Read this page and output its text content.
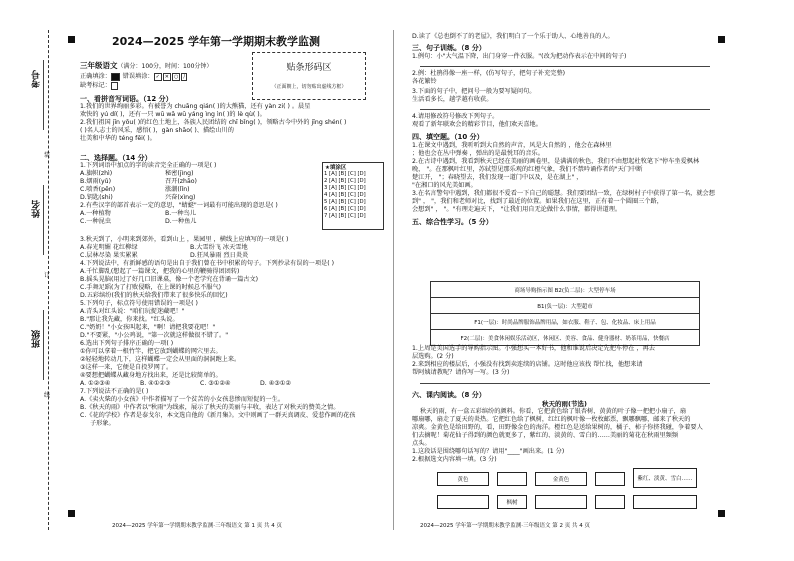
考号
姓名
班级
装
订
线
2024—2025 学年第一学期期末教学监测
三年级语文（满分：100分，时间：100分钟）
正确填涂： ■ 错误填涂： ✓ ✕ ○ /
缺考标记：
贴条形码区
（正面朝上，切勿贴出虚线方框）
一、看拼音写词语。（12 分）
1.我们的世界绚丽多彩。有被誉为 chuāng qián( )的大熊猫，还有 yàn zi( ) 。晨星
欢快的 yú dí( )，还有一只 wū wā wū yáng ìng ìn( )的 lè qù( )。
2.我们祖国 jīn yōu( )的红色土地上，各族人民团结的 chī bǐng( )，领略古今中外的 jīng shén( )
( )名人志士的风采，感悟( )，gàn shāo( )、描绘山川的
壮美和中华的 téng fēi( )。
二、选择题。（14 分）
★填涂区
1 [A] [B] [C] [D]
2 [A] [B] [C] [D]
3 [A] [B] [C] [D]
4 [A] [B] [C] [D]
5 [A] [B] [C] [D]
6 [A] [B] [C] [D]
7 [A] [B] [C] [D]
1.下列词语中加点的字的读音完全正确的一项是( )
A.旗帜(zhì)	秘密(jìng)
B.烟雨(yǔ)	召开(zhāo)
C.喷香(pēn)	涨潮(lǐn)
D.钥匙(shi)	兴奋(xìng)
2.有些汉字的部首表示一定的意思，"蜻蜓"一词最有可能出现的意思是( )
A.一种植物	B.一种鸟儿
C.一种昆虫	D.一种鱼儿
3.秋天到了，小明来到郊外，看到山上 ，果园里 ，横线上应填写的一项是( )
A.春光明媚 花红柳绿	B.大雪纷飞 冰天雪地
C.层林尽染 果实累累	D.狂风暴雨 烈日炎炎
4.下列说法中，有新鲜感的语句是出自于我们曾在书中积累的句子。下列抄录有误的一项是( )
A.千忙脚乱(想起了一篇课文，把我的心里的鞭骑得团团转)
B.摇头晃脑(用过了好几口旧课桌，像一个老学究在背诵一篇古文)
C.手舞足蹈(为了打败侵略，在上课的时候总不服气)
D.五彩缤纷(我们的秋天给我们带来了很多快乐的回忆)
5.下列句子，标点符号使用错误的一项是( )
A.青头对红头说："咱们玩捉迷藏吧！"
B."那让我先藏，你来找。"红头说。
C."奶奶！"小女孩叫起来，"啊！请把我要花吧！"
D."不要紧，"小公鸡说，"第一次就这样做很不错了。"
6.选出下列句子排序正确的一项( )
①你可以拿着一根竹竿，把它放到蝴蝶的网穴里去。
②轻轻地转动几下，这样蝴蝶一定会从里面的洞洞跑上来。
③这样一来，它便是自投罗网了。
④要想把蝴蝶从藏身地方找出来，还是比较简单的。
A. ①②③④	B. ④①②③	C. ③①②④	D. ④③①②
7.下列说法不正确的是( )
A.《卖火柴的小女孩》中作者描写了一个贫苦的小女孩悲惨而短促的一生。
B.《秋天的雨》中作者以"秋雨"为线索，展示了秋天的美丽与丰收，表达了对秋天的赞美之情。
C.《花的学校》作者是泰戈尔，本文选自他的《新月集》。文中则画了一群天真调皮、爱惹作画的花孩
子形象。
2024—2025 学年第一学期期末教学监测·三年级语文 第 1 页 共 4 页
D.读了《总也倒不了的老屋》，我们明白了一个乐于助人、心地善良的人。
三、句子训练。（8 分）
1.例句：小"大气温下降，出门身穿一件衣服。"(改为把动作表示在中间的句子)
2.例：杜鹃得像一座一样，(仿写句子，把句子补充完整)
各花繁铃
3.下面的句子中，把问号一般为要写疑问句。
生活看多长，越学越有收获。
4.请用修改符号修改下列句子。
观看了新年联欢会的精彩节目，他们欢天喜地。
四、填空题。（10 分）
1.在课文中遇到，我听听到大自然的声音，风是大自然的 ，他会在森林里
；他也会在丛中弹奏 ，弹出的是最悦耳的音乐。
2.在古诗中遇到，我看到秋天已经在美丽的画卷里，是满满的秋色，我们不由想起杜牧笔下"停车坐爱枫林
晚， "。在那枫叶红里，苏轼望见那乐观的红橙气象，我们不禁吟诵作者的"天门中断
楚江开， "；春晓望去，我们发现一道门中以及，是在湖上" ，
"在湘口的风光美如画。
3.在名言警句中遇到，我们都很不爱看一下自己的聪慧。我们要团结一致，在绿树村子中获得了第一名，就会想
到" ， "，我们和老师对比，找到了最近的位置。如果我们在这里，正有着一个圆圈三个路，
会想到" ， "。"有理走遍天下， "让我们用自无论做什么事情，都得讲道理。
五、综合性学习。（5 分）
商场导购指示图 B2(负二层)：大型停车场
B1(负一层)：大型超市
F1(一层)：时尚品牌服饰品牌用品，如衣服、鞋子、包、化妆品、床上用品
F2(二层)：美食休闲娱乐活动区，休闲区、美容、食品、健身器材、奶茶用品，快餐店
1.上周是美国选手的导购指示图。小强想买一本好书，他和谁说后决定先把车停在 ，再去
层选购。(2 分)
2.来到相应的楼层后，小强没有找到卖连续的店铺。这时他应该找 帮忙找，他想来请
帮阿姨请教呢？请你写一写。(3 分)
六、课内阅读。（8 分）
秋天的雨(节选)
秋天的雨，有一盒五彩缤纷的颜料。你看，它把黄色给了银杏树，黄黄的叶子像一把把小扇子，扇
哪扇哪，扇走了夏天的炎热。它把红色给了枫树，红红的枫叶像一枚枚邮票，飘哪飘哪，邮来了秋天的
凉爽。金黄色是给田野的，看，田野像金色的海洋。橙红色是送给果树的，橘子、柿子你挤我碰，争着要人
们去摘呢！菊花仙子得到的颜色就更多了，紫红的、淡黄的、雪白的……美丽的菊花在秋雨里频频
点头。
1.这段话是围绕哪句话写的？请用"____"画出来。(1 分)
2.根据选文内容填一填。(3 分)
黄色	金黄色	紫红、淡黄、雪白……
枫树
2024—2025 学年第一学期期末教学监测·三年级语文 第 2 页 共 4 页
